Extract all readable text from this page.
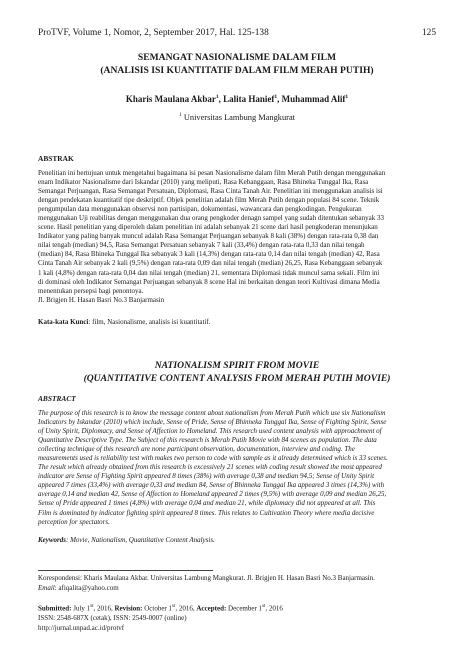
ProTVF, Volume 1, Nomor, 2, September 2017, Hal. 125-138	125
SEMANGAT NASIONALISME DALAM FILM
(ANALISIS ISI KUANTITATIF DALAM FILM MERAH PUTIH)
Kharis Maulana Akbar$^1$, Lalita Hanief$^1$, Muhammad Alif$^1$
$^1$ Universitas Lambung Mangkurat
ABSTRAK
Penelitian ini bertujuan untuk mengetahui bagaimana isi pesan Nasionalisme dalam film Merah Putih dengan menggunakan
enam Indikator Nasionalisme dari Iskandar (2010) yang meliputi, Rasa Kebanggaan, Rasa Bhineka Tunggal Ika, Rasa
Semangat Perjuangan, Rasa Semangat Persatuan, Diplomasi, Rasa Cinta Tanah Air. Penelitian ini menggunakan analisis isi
dengan pendekatan kuantitatif tipe deskriptif. Objek penelitian adalah film Merah Putih dengan populasi 84 scene. Teknik
pengumpulan data menggunakan observsi non partisipan, dokumentasi, wawancara dan pengkodingan. Pengukuran
menggunakan Uji reabilitas dengan menggunakan dua orang pengkoder denagn sampel yang sudah ditentukan sebanyak 33
scene. Hasil penelitian yang diperoleh dalam penelitian ini adalah sebanyak 21 scene dari hasil pengkoderan menunjukan
Indikator yang paling banyak muncul adalah Rasa Semangat Perjuangan sebanyak 8 kali (38%) dengan rata-rata 0,38 dan
nilai tengah (median) 94,5, Rasa Semangat Persatuan sebanyak 7 kali (33,4%) dengan rata-rata 0,33 dan nilai tengah
(median) 84, Rasa Bhineka Tunggal Ika sebanyak 3 kali (14,3%) dengan rata-rata 0,14 dan nilai tengah (median) 42, Rasa
Cinta Tanah Air sebanyak 2 kali (9,5%) dengan rata-rata 0,09 dan nilai tengah (median) 26,25, Rasa Kebanggaan sebanyak
1 kali (4,8%) dengan rata-rata 0,04 dan nilai tengah (median) 21, sementara Diplomasi tidak muncul sama sekali. Film ini
di dominasi oleh Indikator Semangat Perjuangan sebanyak 8 scene Hal ini berkaitan dengan teori Kultivasi dimana Media
menentukan persepsi bagi penontoya.
Jl. Brigjen H. Hasan Basri No.3 Banjarmasin
Kata-kata Kunci: film, Nasionalisme, analisis isi kuantitatif.
NATIONALISM SPIRIT FROM MOVIE
(QUANTITATIVE CONTENT ANALYSIS FROM MERAH PUTIH MOVIE)
ABSTRACT
The purpose of this research is to know the message content about nationalism from Merah Putih which use six Nationalism
Indicators by Iskandar (2010) which include, Sense of Pride, Sense of Bhinneka Tunggal Ika, Sense of Fighting Spirit, Sense
of Unity Spirit, Diplomacy, and Sense of Affection to Homeland. This research used content analysis with approachment of
Quantitative Descriptive Type. The Subject of this research is Merah Putih Movie with 84 scenes as population. The data
collecting technique of this research are none participant observation, documentation, interview and coding. The
measurements used is reliability test with makes two person to code with sample as it already determined which is 33 scenes.
The result which already obtained from this research is excessively 21 scenes with coding result showed the most appeared
indicator are Sense of Fighting Spirit appeared 8 times (38%) with average 0,38 and median 94,5; Sense of Unity Spirit
appeared 7 times (33,4%) with average 0,33 and median 84, Sense of Bhinneka Tunggal Ika appeared 3 times (14,3%) with
average 0,14 and median 42, Sense of Affection to Homeland appeared 2 times (9,5%) with average 0,09 and median 26,25,
Sense of Pride appeared 1 times (4,8%) with average 0,04 and median 21, while diplomacy did not appeared at all. This
Film is dominated by indicator fighting spirit appeared 8 times. This relates to Cultivation Theory where media decisive
perception for spectators.
Keywords: Movie, Nationalism, Quantitative Content Analysis.
Korespondensi: Kharis Maulana Akbar. Universitas Lambung Mangkurat. Jl. Brigjen H. Hasan Basri No.3 Banjarmasin.
Email: afiqalita@yahoo.com
Submitted: July 1st, 2016, Revision: October 1st, 2016, Accepted: December 1st, 2016
ISSN: 2548-687X (cetak), ISSN: 2549-0007 (online)
http://jurnal.unpad.ac.id/protvf
